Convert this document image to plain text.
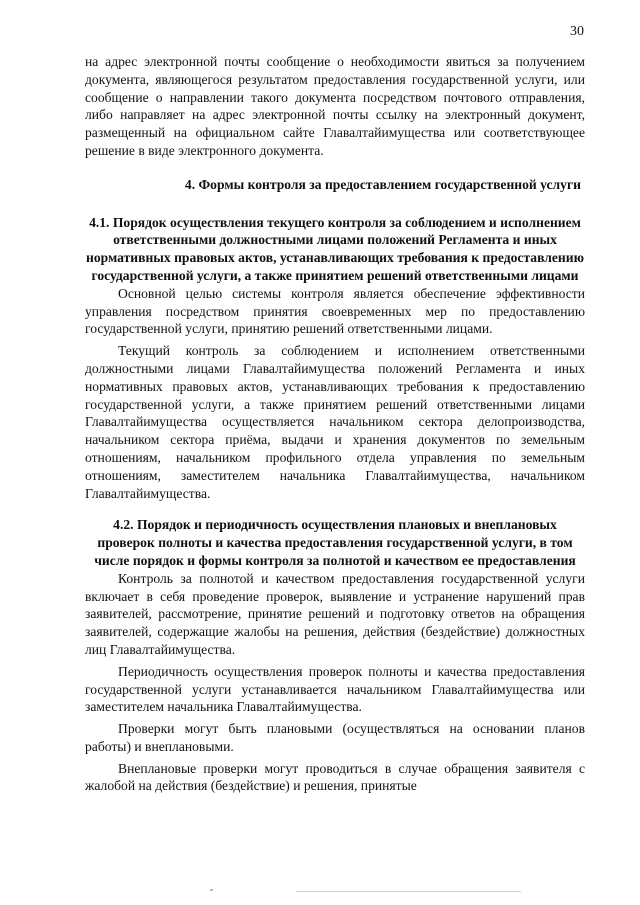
30

на адрес электронной почты сообщение о необходимости явиться за получением документа, являющегося результатом предоставления государственной услуги, или сообщение о направлении такого документа посредством почтового отправления, либо направляет на адрес электронной почты ссылку на электронный документ, размещенный на официальном сайте Главалтайимущества или соответствующее решение в виде электронного документа.

4. Формы контроля за предоставлением государственной услуги
4.1. Порядок осуществления текущего контроля за соблюдением и исполнением ответственными должностными лицами положений Регламента и иных нормативных правовых актов, устанавливающих требования к предоставлению государственной услуги, а также принятием решений ответственными лицами

Основной целью системы контроля является обеспечение эффективности управления посредством принятия своевременных мер по предоставлению государственной услуги, принятию решений ответственными лицами.

Текущий контроль за соблюдением и исполнением ответственными должностными лицами Главалтайимущества положений Регламента и иных нормативных правовых актов, устанавливающих требования к предоставлению государственной услуги, а также принятием решений ответственными лицами Главалтайимущества осуществляется начальником сектора делопроизводства, начальником сектора приёма, выдачи и хранения документов по земельным отношениям, начальником профильного отдела управления по земельным отношениям, заместителем начальника Главалтайимущества, начальником Главалтайимущества.

4.2. Порядок и периодичность осуществления плановых и внеплановых проверок полноты и качества предоставления государственной услуги, в том числе порядок и формы контроля за полнотой и качеством ее предоставления

Контроль за полнотой и качеством предоставления государственной услуги включает в себя проведение проверок, выявление и устранение нарушений прав заявителей, рассмотрение, принятие решений и подготовку ответов на обращения заявителей, содержащие жалобы на решения, действия (бездействие) должностных лиц Главалтайимущества.

Периодичность осуществления проверок полноты и качества предоставления государственной услуги устанавливается начальником Главалтайимущества или заместителем начальника Главалтайимущества.

Проверки могут быть плановыми (осуществляться на основании планов работы) и внеплановыми.

Внеплановые проверки могут проводиться в случае обращения заявителя с жалобой на действия (бездействие) и решения, принятые
